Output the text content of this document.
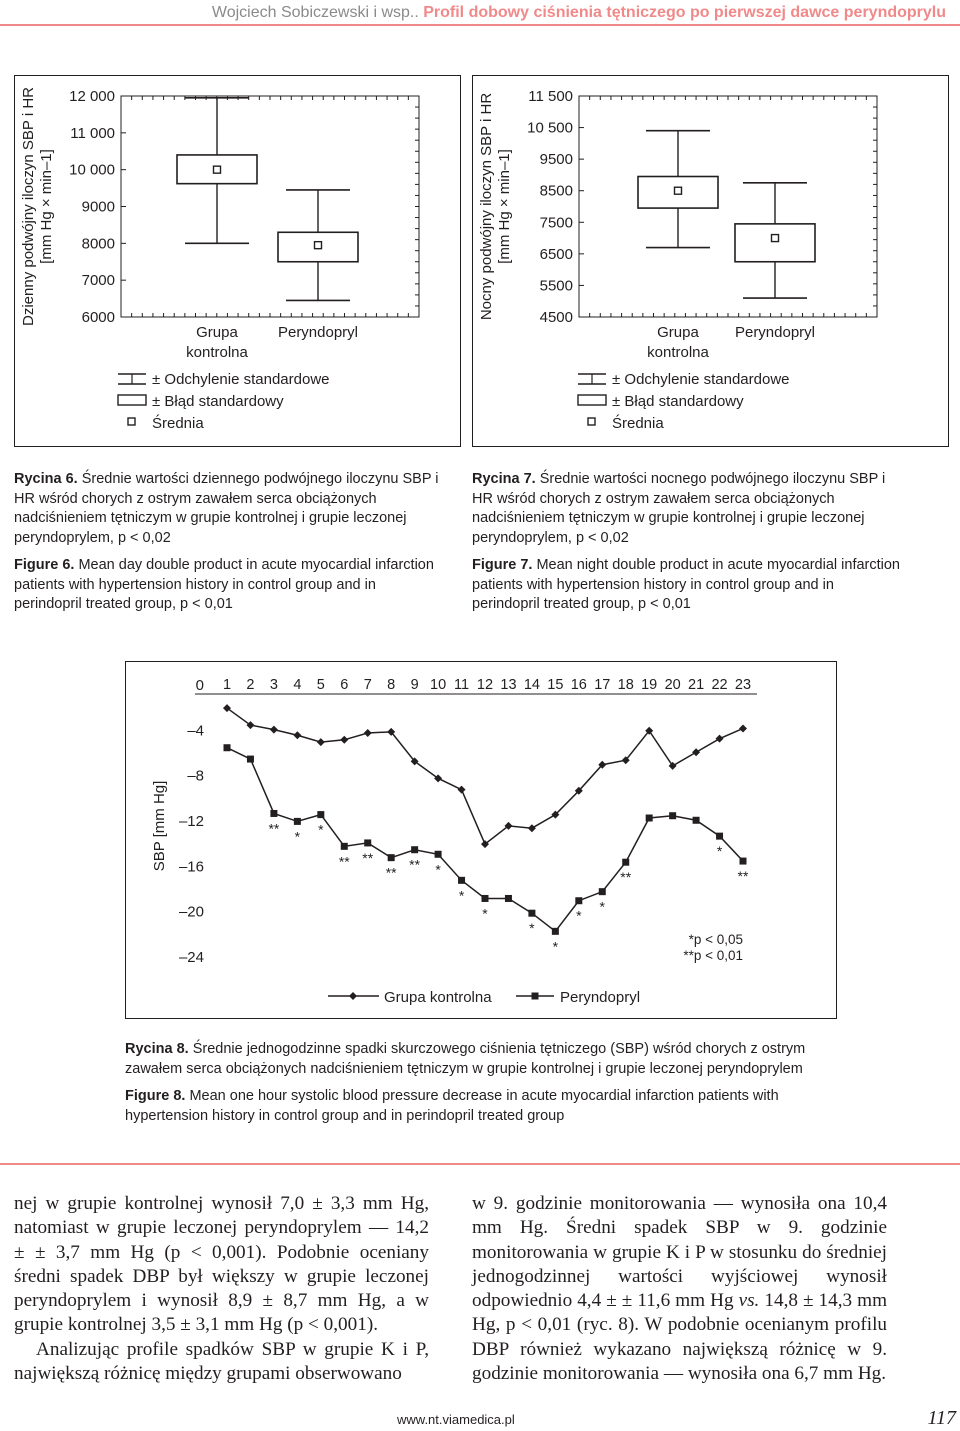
Wojciech Sobiczewski i wsp.. Profil dobowy ciśnienia tętniczego po pierwszej dawce peryndoprylu
6000
7000
8000
9000
10 000
11 000
12 000
Dzienny podwójny iloczyn SBP i HR [mm Hg × min–1]
Grupa
kontrolna
Peryndopryl
± Odchylenie standardowe
± Błąd standardowy
Średnia
4500
5500
6500
7500
8500
9500
10 500
11 500
Nocny podwójny iloczyn SBP i HR [mm Hg × min–1]
Grupa
kontrolna
Peryndopryl
± Odchylenie standardowe
± Błąd standardowy
Średnia

Rycina 6. Średnie wartości dziennego podwójnego iloczynu SBP i HR wśród chorych z ostrym zawałem serca obciążonych nadciśnieniem tętniczym w grupie kontrolnej i grupie leczonej peryndoprylem, p < 0,02

Figure 6. Mean day double product in acute myocardial infarction patients with hypertension history in control group and in perindopril treated group, p < 0,01

Rycina 7. Średnie wartości nocnego podwójnego iloczynu SBP i HR wśród chorych z ostrym zawałem serca obciążonych nadciśnieniem tętniczym w grupie kontrolnej i grupie leczonej peryndoprylem, p < 0,02

Figure 7. Mean night double product in acute myocardial infarction patients with hypertension history in control group and in perindopril treated group, p < 0,01

1 2 3 4 5 6 7 8 9 10 11 12 13 14 15 16 17 18 19 20 21 22 23
0
–4
–8
–12
–16
–20
–24
SBP [mm Hg]	** * *
** **
** ** *
*
*
*
*
*
*
**
*
**
*p < 0,05
**p < 0,01
Grupa kontrolna	Peryndopryl

Rycina 8. Średnie jednogodzinne spadki skurczowego ciśnienia tętniczego (SBP) wśród chorych z ostrym zawałem serca obciążonych nadciśnieniem tętniczym w grupie kontrolnej i grupie leczonej peryndoprylem

Figure 8. Mean one hour systolic blood pressure decrease in acute myocardial infarction patients with hypertension history in control group and in perindopril treated group

nej w grupie kontrolnej wynosił 7,0 ± 3,3 mm Hg, natomiast w grupie leczonej peryndoprylem — 14,2 ± ± 3,7 mm Hg (p < 0,001). Podobnie oceniany średni spadek DBP był większy w grupie leczonej peryndoprylem i wynosił 8,9 ± 8,7 mm Hg, a w grupie kontrolnej 3,5 ± 3,1 mm Hg (p < 0,001).

Analizując profile spadków SBP w grupie K i P, największą różnicę między grupami obserwowano

w 9. godzinie monitorowania — wynosiła ona 10,4 mm Hg. Średni spadek SBP w 9. godzinie monitorowania w grupie K i P w stosunku do średniej jednogodzinnej wartości wyjściowej wynosił odpowiednio 4,4 ± ± 11,6 mm Hg vs. 14,8 ± 14,3 mm Hg, p < 0,01 (ryc. 8). W podobnie ocenianym profilu DBP również wykazano największą różnicę w 9. godzinie monitorowania — wynosiła ona 6,7 mm Hg.

www.nt.viamedica.pl	117
